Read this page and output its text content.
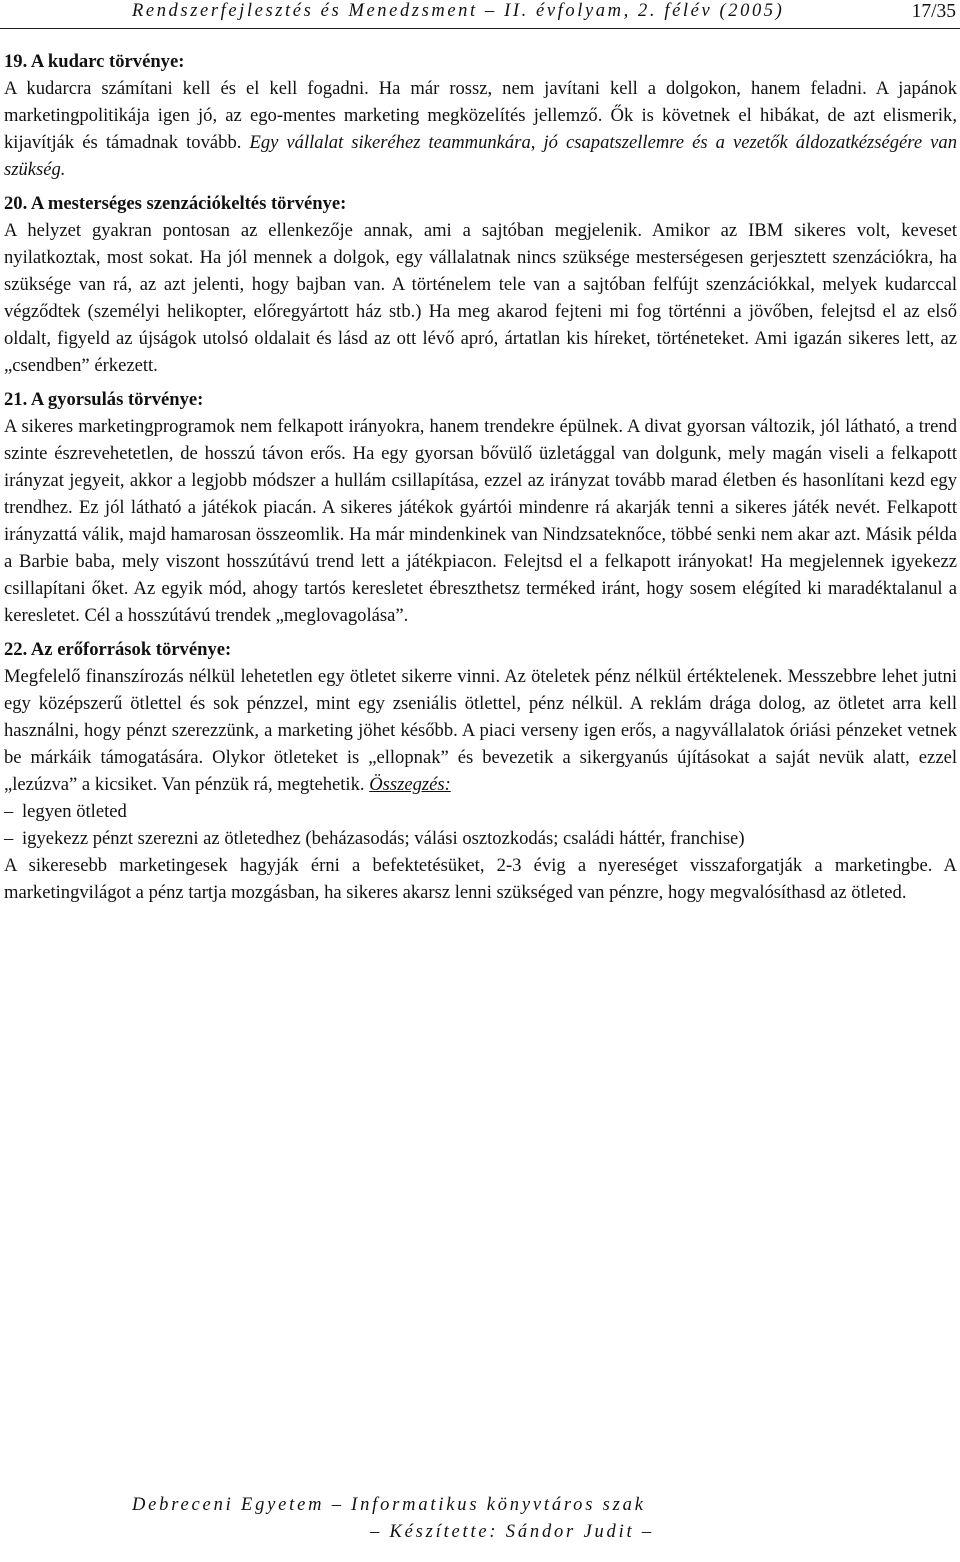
Rendszerfejlesztés és Menedzsment – II. évfolyam, 2. félév (2005)	17/35
19. A kudarc törvénye:

A kudarcra számítani kell és el kell fogadni. Ha már rossz, nem javítani kell a dolgokon, hanem feladni. A japánok marketingpolitikája igen jó, az ego-mentes marketing megközelítés jellemző. Ők is követnek el hibákat, de azt elismerik, kijavítják és támadnak tovább. Egy vállalat sikeréhez teammunkára, jó csapatszellemre és a vezetők áldozatkézségére van szükség.

20. A mesterséges szenzációkeltés törvénye:

A helyzet gyakran pontosan az ellenkezője annak, ami a sajtóban megjelenik. Amikor az IBM sikeres volt, keveset nyilatkoztak, most sokat. Ha jól mennek a dolgok, egy vállalatnak nincs szüksége mesterségesen gerjesztett szenzációkra, ha szüksége van rá, az azt jelenti, hogy bajban van. A történelem tele van a sajtóban felfújt szenzációkkal, melyek kudarccal végződtek (személyi helikopter, előregyártott ház stb.) Ha meg akarod fejteni mi fog történni a jövőben, felejtsd el az első oldalt, figyeld az újságok utolsó oldalait és lásd az ott lévő apró, ártatlan kis híreket, történeteket. Ami igazán sikeres lett, az „csendben” érkezett.

21. A gyorsulás törvénye:

A sikeres marketingprogramok nem felkapott irányokra, hanem trendekre épülnek. A divat gyorsan változik, jól látható, a trend szinte észrevehetetlen, de hosszú távon erős. Ha egy gyorsan bővülő üzletággal van dolgunk, mely magán viseli a felkapott irányzat jegyeit, akkor a legjobb módszer a hullám csillapítása, ezzel az irányzat tovább marad életben és hasonlítani kezd egy trendhez. Ez jól látható a játékok piacán. A sikeres játékok gyártói mindenre rá akarják tenni a sikeres játék nevét. Felkapott irányzattá válik, majd hamarosan összeomlik. Ha már mindenkinek van Nindzsateknőce, többé senki nem akar azt. Másik példa a Barbie baba, mely viszont hosszútávú trend lett a játékpiacon. Felejtsd el a felkapott irányokat! Ha megjelennek igyekezz csillapítani őket. Az egyik mód, ahogy tartós keresletet ébreszthetsz terméked iránt, hogy sosem elégíted ki maradéktalanul a keresletet. Cél a hosszútávú trendek „meglovagolása”.

22. Az erőforrások törvénye:

Megfelelő finanszírozás nélkül lehetetlen egy ötletet sikerre vinni. Az öteletek pénz nélkül értéktelenek. Messzebbre lehet jutni egy középszerű ötlettel és sok pénzzel, mint egy zseniális ötlettel, pénz nélkül. A reklám drága dolog, az ötletet arra kell használni, hogy pénzt szerezzünk, a marketing jöhet később. A piaci verseny igen erős, a nagyvállalatok óriási pénzeket vetnek be márkáik támogatására. Olykor ötleteket is „ellopnak” és bevezetik a sikergyanús újításokat a saját nevük alatt, ezzel „lezúzva” a kicsiket. Van pénzük rá, megtehetik. Összegzés:

– legyen ötleted
– igyekezz pénzt szerezni az ötletedhez (beházasodás; válási osztozkodás; családi háttér, franchise)

A sikeresebb marketingesek hagyják érni a befektetésüket, 2-3 évig a nyereséget visszaforgatják a marketingbe. A marketingvilágot a pénz tartja mozgásban, ha sikeres akarsz lenni szükséged van pénzre, hogy megvalósíthasd az ötleted.

Debreceni Egyetem – Informatikus könyvtáros szak
– Készítette: Sándor Judit –
